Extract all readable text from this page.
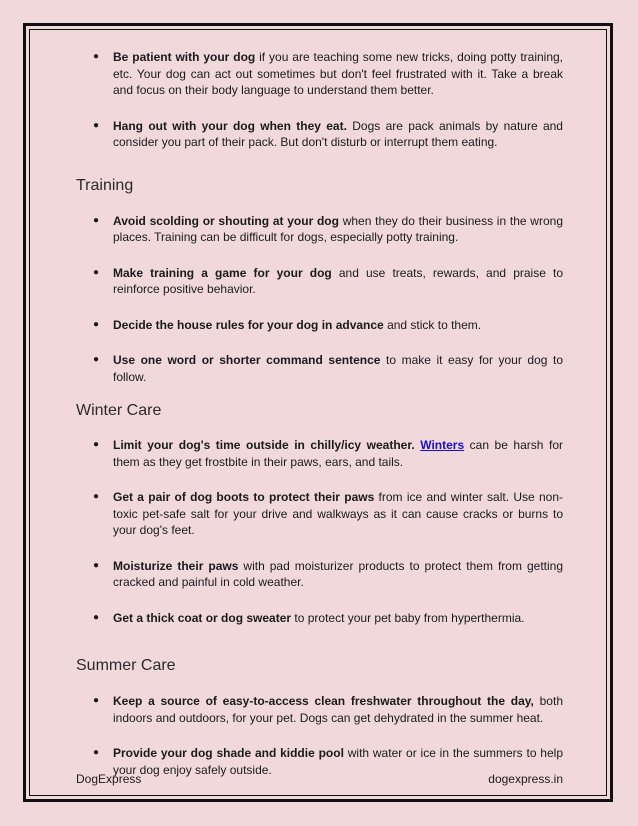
● Be patient with your dog if you are teaching some new tricks, doing potty training, etc. Your dog can act out sometimes but don't feel frustrated with it. Take a break and focus on their body language to understand them better.
● Hang out with your dog when they eat. Dogs are pack animals by nature and consider you part of their pack. But don't disturb or interrupt them eating.
Training
● Avoid scolding or shouting at your dog when they do their business in the wrong places. Training can be difficult for dogs, especially potty training.
● Make training a game for your dog and use treats, rewards, and praise to reinforce positive behavior.
● Decide the house rules for your dog in advance and stick to them.
● Use one word or shorter command sentence to make it easy for your dog to follow.
Winter Care
● Limit your dog's time outside in chilly/icy weather. Winters can be harsh for them as they get frostbite in their paws, ears, and tails.
● Get a pair of dog boots to protect their paws from ice and winter salt. Use non-toxic pet-safe salt for your drive and walkways as it can cause cracks or burns to your dog's feet.
● Moisturize their paws with pad moisturizer products to protect them from getting cracked and painful in cold weather.
● Get a thick coat or dog sweater to protect your pet baby from hyperthermia.
Summer Care
● Keep a source of easy-to-access clean freshwater throughout the day, both indoors and outdoors, for your pet. Dogs can get dehydrated in the summer heat.
● Provide your dog shade and kiddie pool with water or ice in the summers to help your dog enjoy safely outside.
DogExpress	dogexpress.in
